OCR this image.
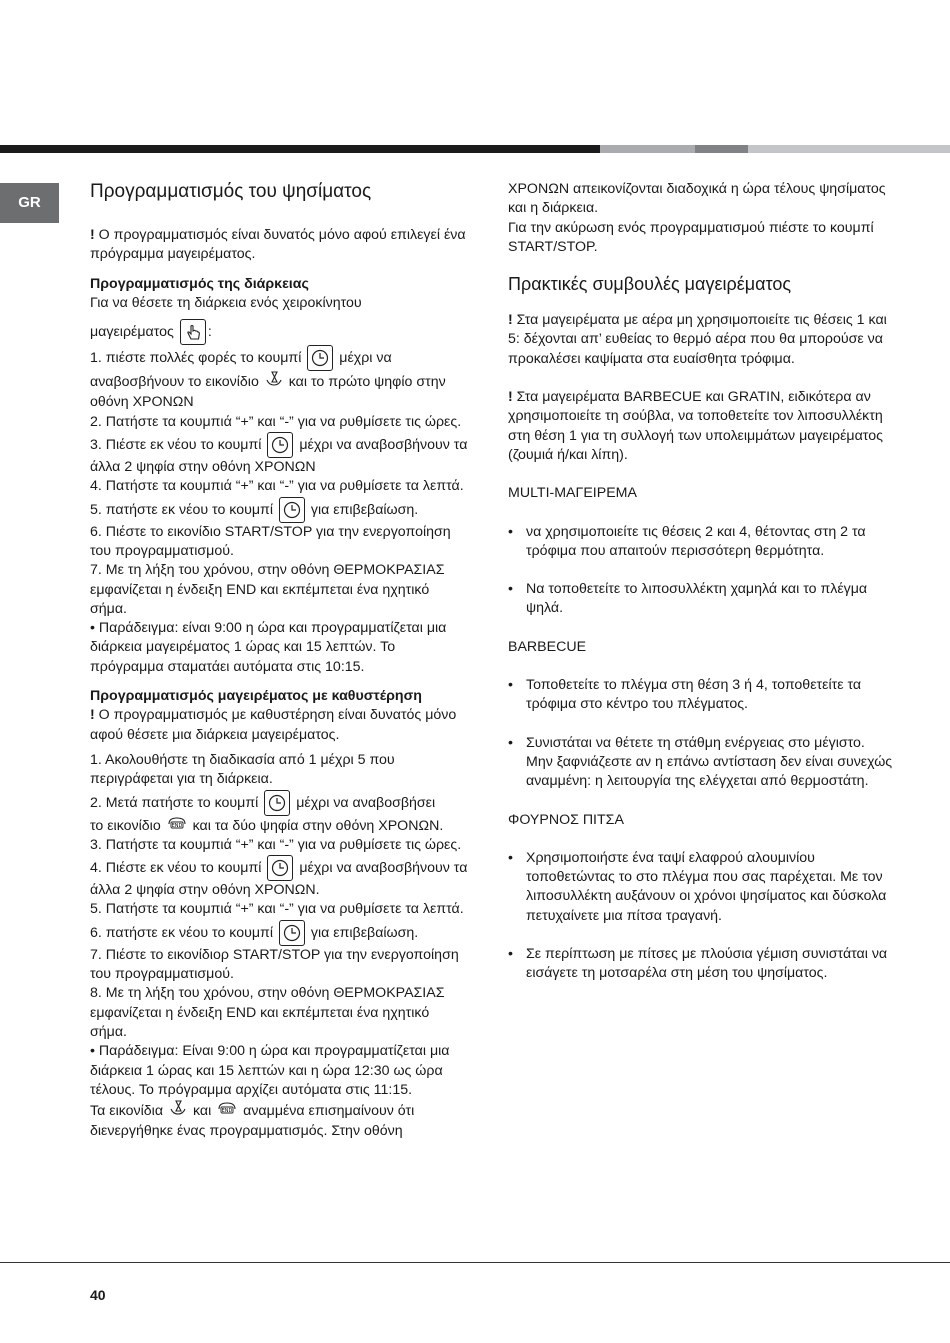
GR
Προγραμματισμός του ψησίματος

! Ο προγραμματισμός είναι δυνατός μόνο αφού επιλεγεί ένα πρόγραμμα μαγειρέματος.

Προγραμματισμός της διάρκειας

Για να θέσετε τη διάρκεια ενός χειροκίνητου

μαγειρέματος :

1. πιέστε πολλές φορές το κουμπί	μέχρι να

αναβοσβήνουν το εικονίδιο και το πρώτο ψηφίο στην οθόνη ΧΡΟΝΩΝ

2. Πατήστε τα κουμπιά “+” και “-” για να ρυθμίσετε τις ώρες.

3. Πιέστε εκ νέου το κουμπί	μέχρι να αναβοσβήνουν τα άλλα 2 ψηφία στην οθόνη ΧΡΟΝΩΝ

4. Πατήστε τα κουμπιά “+” και “-” για να ρυθμίσετε τα λεπτά.

5. πατήστε εκ νέου το κουμπί	για επιβεβαίωση.

6. Πιέστε το εικονίδιο START/STOP για την ενεργοποίηση του προγραμματισμού.

7. Με τη λήξη του χρόνου, στην οθόνη ΘΕΡΜΟΚΡΑΣΙΑΣ εμφανίζεται η ένδειξη END και εκπέμπεται ένα ηχητικό σήμα.

• Παράδειγμα: είναι 9:00 η ώρα και προγραμματίζεται μια διάρκεια μαγειρέματος 1 ώρας και 15 λεπτών. Το πρόγραμμα σταματάει αυτόματα στις 10:15.

Προγραμματισμός μαγειρέματος με καθυστέρηση

! Ο προγραμματισμός με καθυστέρηση είναι δυνατός μόνο αφού θέσετε μια διάρκεια μαγειρέματος.

1. Ακολουθήστε τη διαδικασία από 1 μέχρι 5 που περιγράφεται για τη διάρκεια.

2. Μετά πατήστε το κουμπί	μέχρι να αναβοσβήσει

το εικονίδιο END και τα δύο ψηφία στην οθόνη ΧΡΟΝΩΝ.

3. Πατήστε τα κουμπιά “+” και “-” για να ρυθμίσετε τις ώρες.

4. Πιέστε εκ νέου το κουμπί	μέχρι να αναβοσβήνουν τα άλλα 2 ψηφία στην οθόνη ΧΡΟΝΩΝ.

5. Πατήστε τα κουμπιά “+” και “-” για να ρυθμίσετε τα λεπτά.

6. πατήστε εκ νέου το κουμπί	για επιβεβαίωση.

7. Πιέστε το εικονίδιορ START/STOP για την ενεργοποίηση του προγραμματισμού.

8. Με τη λήξη του χρόνου, στην οθόνη ΘΕΡΜΟΚΡΑΣΙΑΣ εμφανίζεται η ένδειξη END και εκπέμπεται ένα ηχητικό σήμα.

• Παράδειγμα: Είναι 9:00 η ώρα και προγραμματίζεται μια διάρκεια 1 ώρας και 15 λεπτών και η ώρα 12:30 ως ώρα τέλους. Το πρόγραμμα αρχίζει αυτόματα στις 11:15.

Τα εικονίδια και END αναμμένα επισημαίνουν ότι διενεργήθηκε ένας προγραμματισμός. Στην οθόνη

ΧΡΟΝΩΝ απεικονίζονται διαδοχικά η ώρα τέλους ψησίματος και η διάρκεια.

Για την ακύρωση ενός προγραμματισμού πιέστε το κουμπί START/STOP.

Πρακτικές συμβουλές μαγειρέματος

! Στα μαγειρέματα με αέρα μη χρησιμοποιείτε τις θέσεις 1 και 5: δέχονται απ’ ευθείας το θερμό αέρα που θα μπορούσε να προκαλέσει καψίματα στα ευαίσθητα τρόφιμα.

! Στα μαγειρέματα BARBECUE και GRATIN, ειδικότερα αν χρησιμοποιείτε τη σούβλα, να τοποθετείτε τον λιποσυλλέκτη στη θέση 1 για τη συλλογή των υπολειμμάτων μαγειρέματος (ζουμιά ή/και λίπη).

MULTI-ΜΑΓΕΙΡΕΜΑ

• να χρησιμοποιείτε τις θέσεις 2 και 4, θέτοντας στη 2 τα τρόφιμα που απαιτούν περισσότερη θερμότητα.
• Να τοποθετείτε το λιποσυλλέκτη χαμηλά και το πλέγμα ψηλά.

BARBECUE

• Τοποθετείτε το πλέγμα στη θέση 3 ή 4, τοποθετείτε τα τρόφιμα στο κέντρο του πλέγματος.
• Συνιστάται να θέτετε τη στάθμη ενέργειας στο μέγιστο. Μην ξαφνιάζεστε αν η επάνω αντίσταση δεν είναι συνεχώς αναμμένη: η λειτουργία της ελέγχεται από θερμοστάτη.

ΦΟΥΡΝΟΣ ΠΙΤΣΑ

• Χρησιμοποιήστε ένα ταψί ελαφρού αλουμινίου τοποθετώντας το στο πλέγμα που σας παρέχεται. Με τον λιποσυλλέκτη αυξάνουν οι χρόνοι ψησίματος και δύσκολα πετυχαίνετε μια πίτσα τραγανή.
• Σε περίπτωση με πίτσες με πλούσια γέμιση συνιστάται να εισάγετε τη μοτσαρέλα στη μέση του ψησίματος.
40
